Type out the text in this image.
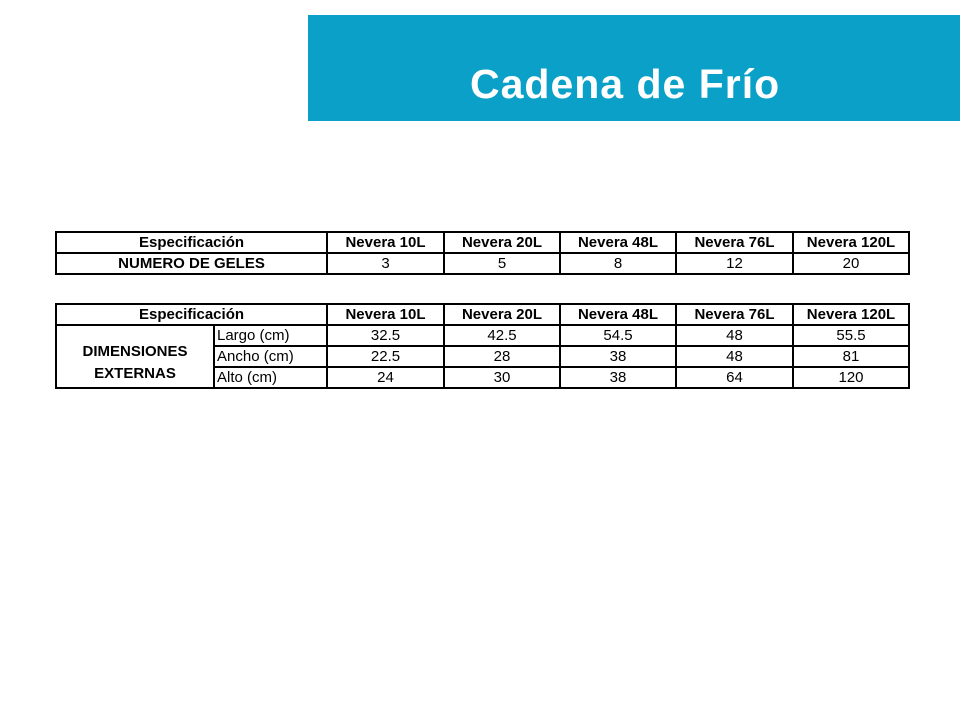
Cadena de Frío
Especificación	Nevera 10L	Nevera 20L	Nevera 48L	Nevera 76L	Nevera 120L
NUMERO DE GELES	3	5	8	12	20
Especificación		Nevera 10L	Nevera 20L	Nevera 48L	Nevera 76L	Nevera 120L
DIMENSIONES
EXTERNAS	Largo (cm)	32.5	42.5	54.5	48	55.5
	Ancho (cm)	22.5	28	38	48	81
	Alto (cm)	24	30	38	64	120
